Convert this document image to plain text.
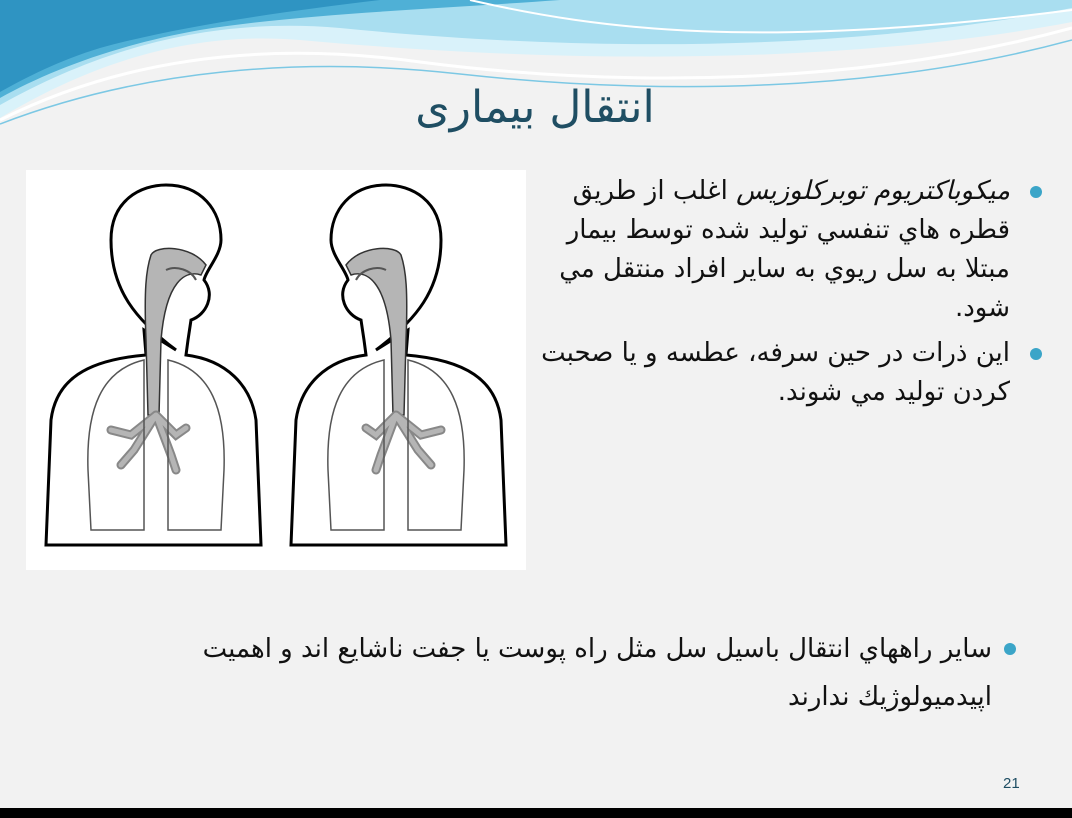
انتقال بیماری
میکوباکتریوم توبرکلوزیس اغلب از طريق قطره هاي تنفسي توليد شده توسط بیمار مبتلا به سل ريوي به ساير افراد منتقل مي شود.
اين ذرات در حين سرفه، عطسه و يا صحبت كردن توليد مي شوند.
ساير راههاي انتقال باسيل سل مثل راه پوست يا جفت ناشايع اند و اهميت اپيدميولوژيك ندارند
21
